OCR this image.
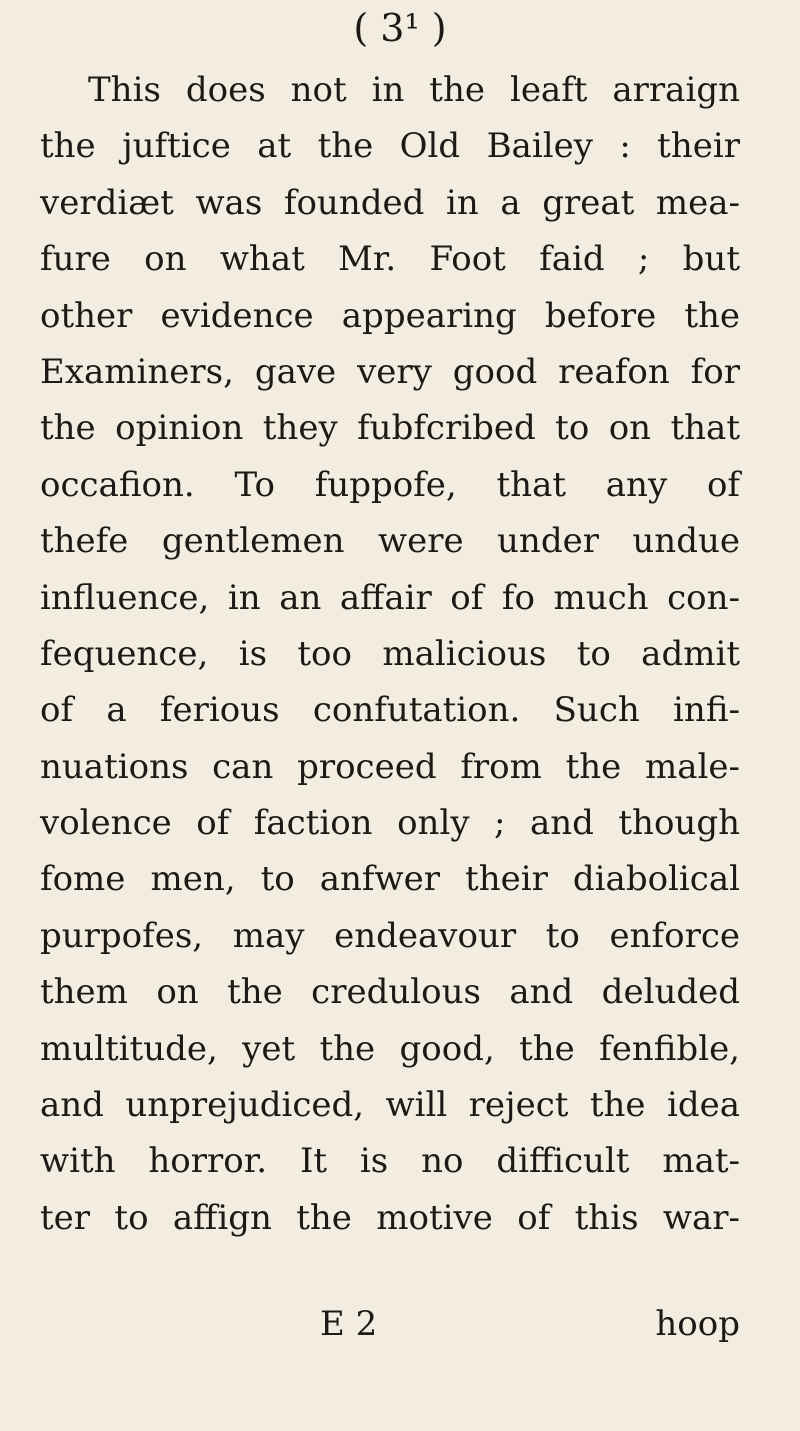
( 3¹ )
This does not in the leaft arraign
the juftice at the Old Bailey : their
verdiæt was founded in a great mea-
fure on what Mr. Foot faid ; but
other evidence appearing before the
Examiners, gave very good reafon for
the opinion they fubfcribed to on that
occafion. To fuppofe, that any of
thefe gentlemen were under undue
influence, in an affair of fo much con-
fequence, is too malicious to admit
of a ferious confutation. Such infi-
nuations can proceed from the male-
volence of faction only ; and though
fome men, to anfwer their diabolical
purpofes, may endeavour to enforce
them on the credulous and deluded
multitude, yet the good, the fenfible,
and unprejudiced, will reject the idea
with horror. It is no difficult mat-
ter to affign the motive of this war-
E 2	hoop
